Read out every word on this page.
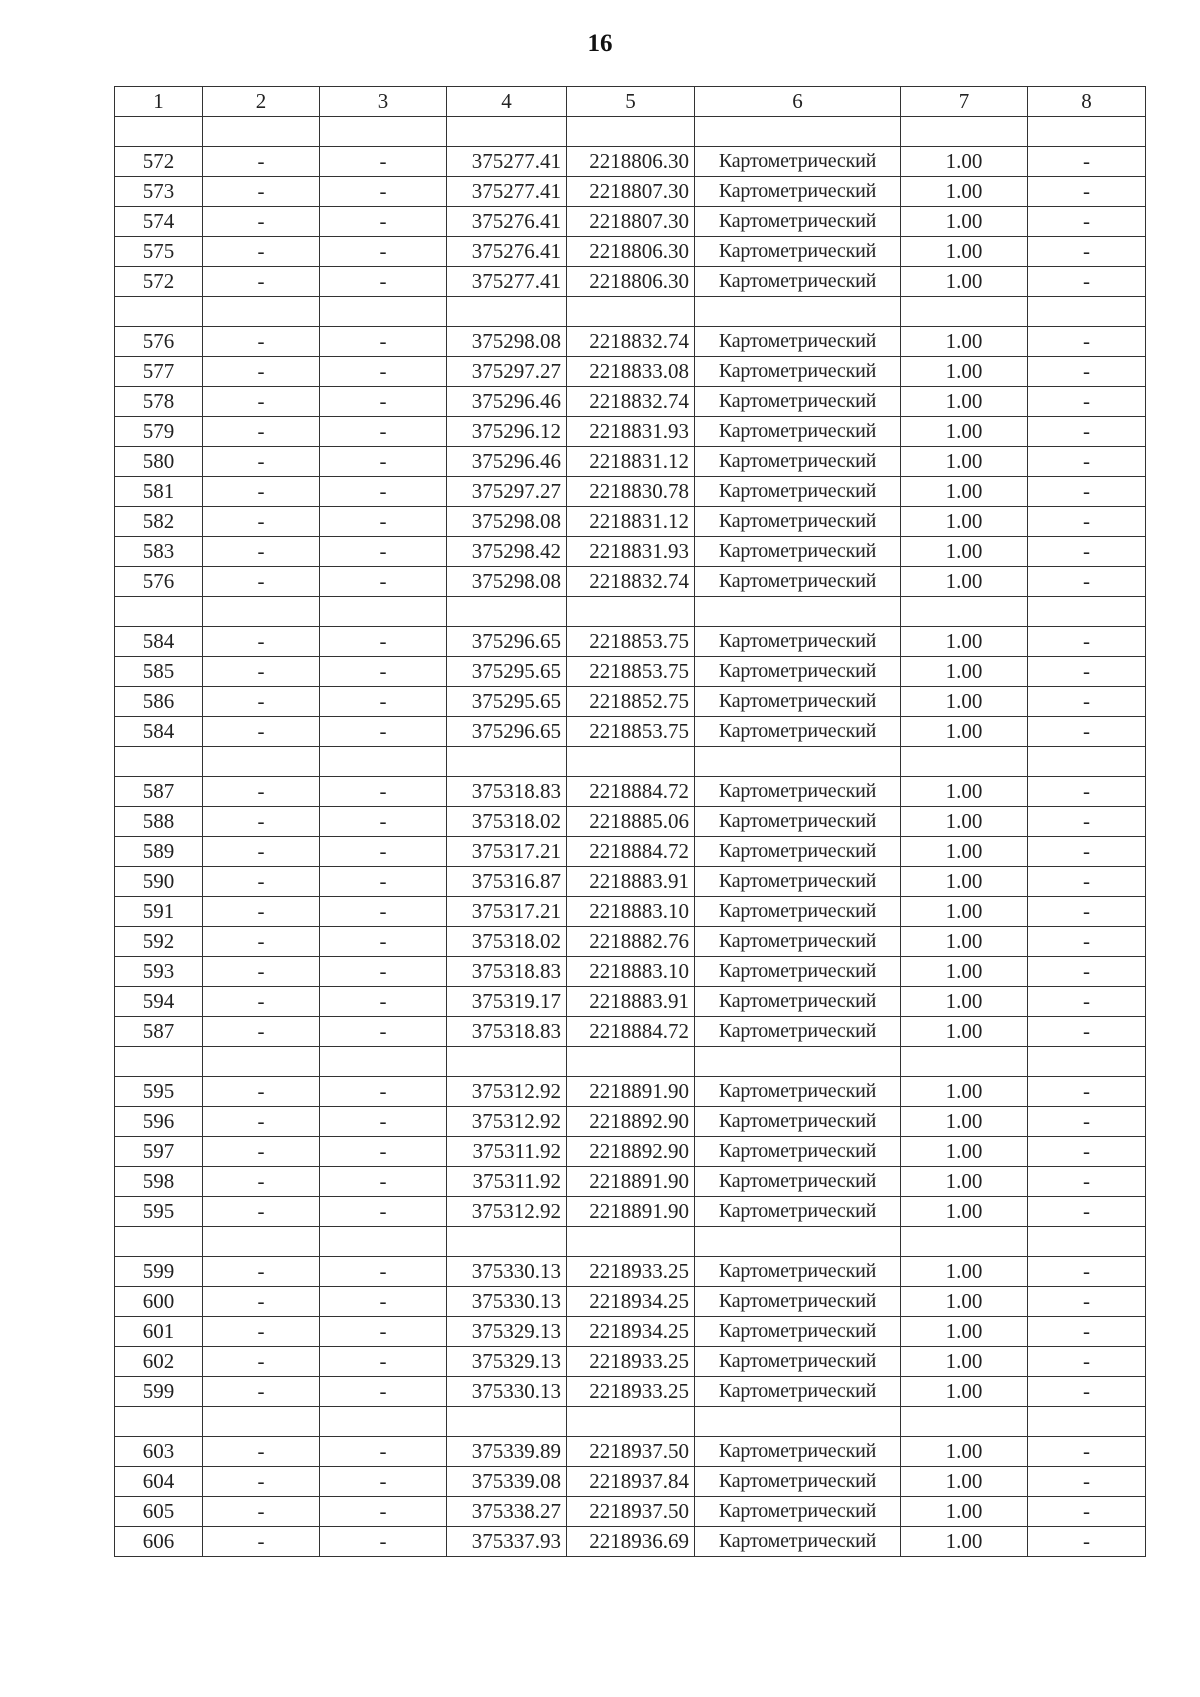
16
1	2	3	4	5	6	7	8

572	-	-	375277.41	2218806.30	Картометрический	1.00	-
573	-	-	375277.41	2218807.30	Картометрический	1.00	-
574	-	-	375276.41	2218807.30	Картометрический	1.00	-
575	-	-	375276.41	2218806.30	Картометрический	1.00	-
572	-	-	375277.41	2218806.30	Картометрический	1.00	-

576	-	-	375298.08	2218832.74	Картометрический	1.00	-
577	-	-	375297.27	2218833.08	Картометрический	1.00	-
578	-	-	375296.46	2218832.74	Картометрический	1.00	-
579	-	-	375296.12	2218831.93	Картометрический	1.00	-
580	-	-	375296.46	2218831.12	Картометрический	1.00	-
581	-	-	375297.27	2218830.78	Картометрический	1.00	-
582	-	-	375298.08	2218831.12	Картометрический	1.00	-
583	-	-	375298.42	2218831.93	Картометрический	1.00	-
576	-	-	375298.08	2218832.74	Картометрический	1.00	-

584	-	-	375296.65	2218853.75	Картометрический	1.00	-
585	-	-	375295.65	2218853.75	Картометрический	1.00	-
586	-	-	375295.65	2218852.75	Картометрический	1.00	-
584	-	-	375296.65	2218853.75	Картометрический	1.00	-

587	-	-	375318.83	2218884.72	Картометрический	1.00	-
588	-	-	375318.02	2218885.06	Картометрический	1.00	-
589	-	-	375317.21	2218884.72	Картометрический	1.00	-
590	-	-	375316.87	2218883.91	Картометрический	1.00	-
591	-	-	375317.21	2218883.10	Картометрический	1.00	-
592	-	-	375318.02	2218882.76	Картометрический	1.00	-
593	-	-	375318.83	2218883.10	Картометрический	1.00	-
594	-	-	375319.17	2218883.91	Картометрический	1.00	-
587	-	-	375318.83	2218884.72	Картометрический	1.00	-

595	-	-	375312.92	2218891.90	Картометрический	1.00	-
596	-	-	375312.92	2218892.90	Картометрический	1.00	-
597	-	-	375311.92	2218892.90	Картометрический	1.00	-
598	-	-	375311.92	2218891.90	Картометрический	1.00	-
595	-	-	375312.92	2218891.90	Картометрический	1.00	-

599	-	-	375330.13	2218933.25	Картометрический	1.00	-
600	-	-	375330.13	2218934.25	Картометрический	1.00	-
601	-	-	375329.13	2218934.25	Картометрический	1.00	-
602	-	-	375329.13	2218933.25	Картометрический	1.00	-
599	-	-	375330.13	2218933.25	Картометрический	1.00	-

603	-	-	375339.89	2218937.50	Картометрический	1.00	-
604	-	-	375339.08	2218937.84	Картометрический	1.00	-
605	-	-	375338.27	2218937.50	Картометрический	1.00	-
606	-	-	375337.93	2218936.69	Картометрический	1.00	-
